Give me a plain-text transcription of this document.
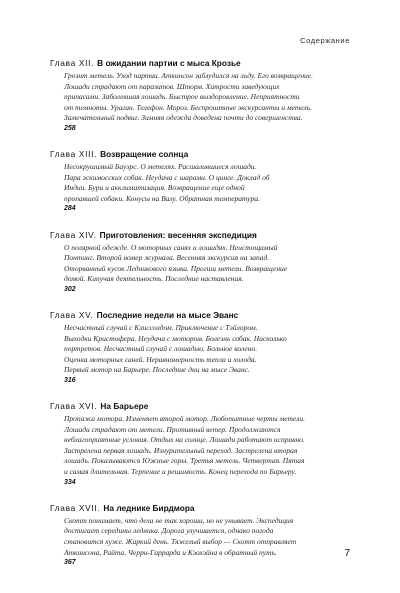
Содержание
Глава XII. В ожидании партии с мыса Крозье
Грозит метель. Уход партии. Аткинсон заблудился на льду. Его возвращение.
Лошади страдают от паразитов. Шторм. Хитрости заведующих
припасами. Заболевшая лошадь. Быстрое выздоровление. Неприятности
от темноты. Ураган. Телефон. Мороз. Беспроштные экскурсанты и метель.
Замечательный подвиг. Зимняя одежда доведена почти до совершенства.
258
Глава XIII. Возвращение солнца
Несокрушимый Бауэрс. О метелях. Расшалившиеся лошади.
Пара эскимосских собак. Неудача с шарами. О цинге. Доклад об
Индии. Бури и акклиматизация. Возвращение еще одной
пропавшей собаки. Конусы на Валу. Обратная температура.
284
Глава XIV. Приготовления: весенняя экспедиция
О полярной одежде. О моторных санях и лошадях. Неистощимый
Понтинг. Второй номер журнала. Весенняя экскурсия на запад.
Оторванный кусок Ледникового языка. Прогиш метели. Возвращение
домой. Кипучая деятельность. Последние наставления.
302
Глава XV. Последние недели на мысе Эванс
Несчастный случай с Клиссолдом. Приключение с Тэйлором.
Выходки Кристофера. Неудача с мотором. Болезнь собак. Насколько
портретов. Несчастный случай с лошадью. Больное колено.
Оценка моторных саней. Неравномерность тепла и холода.
Первый мотор на Барьере. Последние дни на мысе Эванс.
316
Глава XVI. На Барьере
Пропажа мотора. Изменяет второй мотор. Любопытные черты метели.
Лошади страдают от метели. Противный ветер. Продолжаются
неблагоприятные условия. Отдых на солнце. Лошади работают исправно.
Застрелена первая лошадь. Изнурительный переход. Застрелена вторая
лошадь. Показываются Южные горы. Третья метель. Четвертая. Пятая
и самая длительная. Терпение и решимость. Конец перехода по Барьеру.
334
Глава XVII. На леднике Бирдмора
Скотт понимает, что дела не так хороши, но не унывает. Экспедиция
достигает середины ледника. Дорога улучшается, однако погода
становится хуже. Жаркий день. Тяжелый выбор — Скотт отправляет
Аткинсона, Райта, Черри-Гаррарда и Кэохэйна в обратный путь.
367
7
